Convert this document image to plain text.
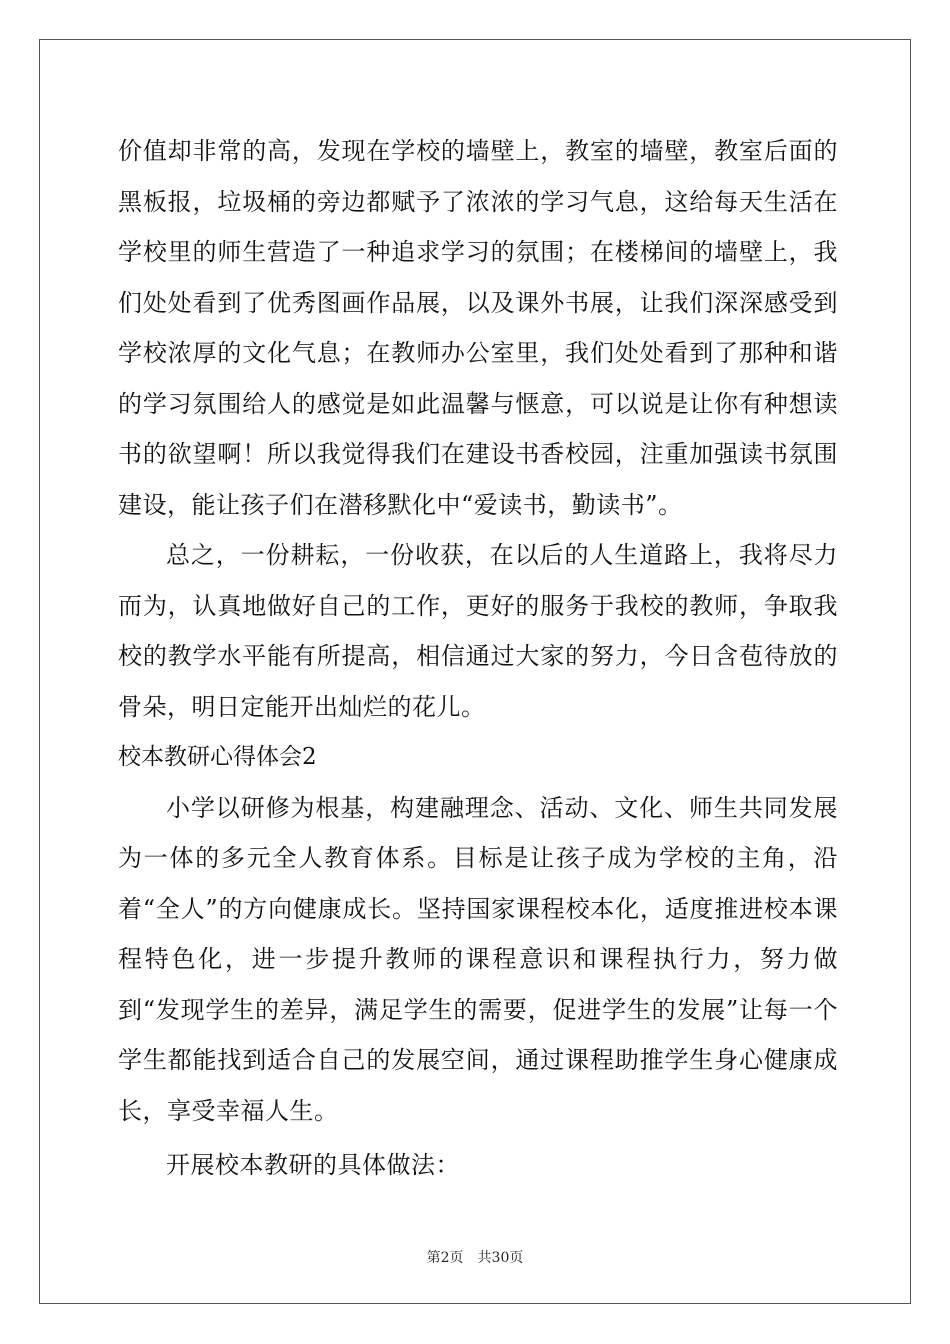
价值却非常的高，发现在学校的墙壁上，教室的墙壁，教室后面的黑板报，垃圾桶的旁边都赋予了浓浓的学习气息，这给每天生活在学校里的师生营造了一种追求学习的氛围；在楼梯间的墙壁上，我们处处看到了优秀图画作品展，以及课外书展，让我们深深感受到学校浓厚的文化气息；在教师办公室里，我们处处看到了那种和谐的学习氛围给人的感觉是如此温馨与惬意，可以说是让你有种想读书的欲望啊！所以我觉得我们在建设书香校园，注重加强读书氛围建设，能让孩子们在潜移默化中“爱读书，勤读书”。

总之，一份耕耘，一份收获，在以后的人生道路上，我将尽力而为，认真地做好自己的工作，更好的服务于我校的教师，争取我校的教学水平能有所提高，相信通过大家的努力，今日含苞待放的骨朵，明日定能开出灿烂的花儿。

校本教研心得体会2

小学以研修为根基，构建融理念、活动、文化、师生共同发展为一体的多元全人教育体系。目标是让孩子成为学校的主角，沿着“全人”的方向健康成长。坚持国家课程校本化，适度推进校本课程特色化，进一步提升教师的课程意识和课程执行力，努力做到“发现学生的差异，满足学生的需要，促进学生的发展”让每一个学生都能找到适合自己的发展空间，通过课程助推学生身心健康成长，享受幸福人生。

开展校本教研的具体做法：

第2页　共30页
